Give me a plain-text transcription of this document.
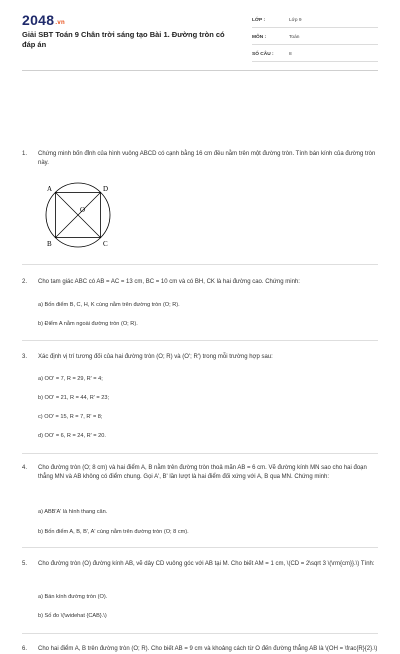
2048.vn
Giải SBT Toán 9 Chân trời sáng tạo Bài 1. Đường tròn có đáp án
LỚP :	Lớp 9
MÔN :	Toán
SỐ CÂU :	8
1. Chứng minh bốn đỉnh của hình vuông ABCD có cạnh bằng 16 cm đều nằm trên một đường tròn. Tính bán kính của đường tròn này.
A	D
B	C
O
2. Cho tam giác ABC có AB = AC = 13 cm, BC = 10 cm và có BH, CK là hai đường cao. Chứng minh:
a) Bốn điểm B, C, H, K cùng nằm trên đường tròn (O; R).
b) Điểm A nằm ngoài đường tròn (O; R).
3. Xác định vị trí tương đối của hai đường tròn (O; R) và (O'; R') trong mỗi trường hợp sau:
a) OO' = 7, R = 29, R' = 4;
b) OO' = 21, R = 44, R' = 23;
c) OO' = 15, R = 7, R' = 8;
d) OO' = 6, R = 24, R' = 20.
4. Cho đường tròn (O; 8 cm) và hai điểm A, B nằm trên đường tròn thoả mãn AB = 6 cm. Vẽ đường kính MN sao cho hai đoạn thẳng MN và AB không có điểm chung. Gọi A', B' lần lượt là hai điểm đối xứng với A, B qua MN. Chứng minh:
a) ABB'A' là hình thang cân.
b) Bốn điểm A, B, B', A' cùng nằm trên đường tròn (O; 8 cm).
5. Cho đường tròn (O) đường kính AB, vẽ dây CD vuông góc với AB tại M. Cho biết AM = 1 cm, \(CD = 2\sqrt 3 \(\rm{cm}}.\) Tính:
a) Bán kính đường tròn (O).
b) Số đo \(\widehat {CAB}.\)
6. Cho hai điểm A, B trên đường tròn (O; R). Cho biết AB = 9 cm và khoảng cách từ O đến đường thẳng AB là \(OH = \frac{R}{2}.\)
